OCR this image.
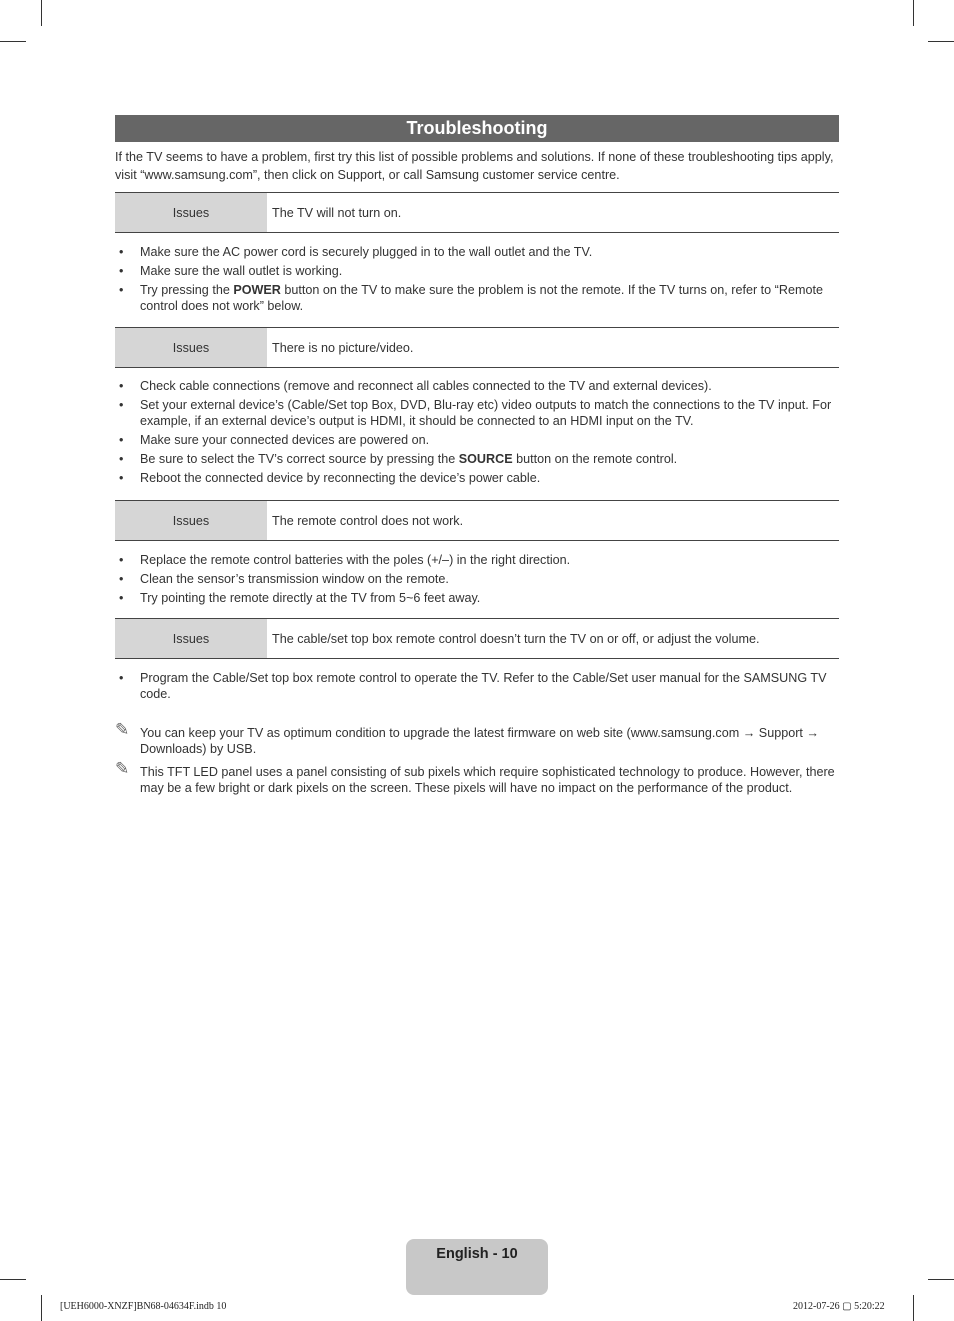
Troubleshooting
If the TV seems to have a problem, first try this list of possible problems and solutions. If none of these troubleshooting tips apply, visit “www.samsung.com”, then click on Support, or call Samsung customer service centre.
Issues	The TV will not turn on.
• Make sure the AC power cord is securely plugged in to the wall outlet and the TV.
• Make sure the wall outlet is working.
• Try pressing the POWER button on the TV to make sure the problem is not the remote. If the TV turns on, refer to “Remote control does not work” below.
Issues	There is no picture/video.
• Check cable connections (remove and reconnect all cables connected to the TV and external devices).
• Set your external device’s (Cable/Set top Box, DVD, Blu-ray etc) video outputs to match the connections to the TV input. For example, if an external device’s output is HDMI, it should be connected to an HDMI input on the TV.
• Make sure your connected devices are powered on.
• Be sure to select the TV’s correct source by pressing the SOURCE button on the remote control.
• Reboot the connected device by reconnecting the device’s power cable.
Issues	The remote control does not work.
• Replace the remote control batteries with the poles (+/–) in the right direction.
• Clean the sensor’s transmission window on the remote.
• Try pointing the remote directly at the TV from 5~6 feet away.
Issues	The cable/set top box remote control doesn’t turn the TV on or off, or adjust the volume.
• Program the Cable/Set top box remote control to operate the TV. Refer to the Cable/Set user manual for the SAMSUNG TV code.
✎ You can keep your TV as optimum condition to upgrade the latest firmware on web site (www.samsung.com → Support → Downloads) by USB.
✎ This TFT LED panel uses a panel consisting of sub pixels which require sophisticated technology to produce. However, there may be a few bright or dark pixels on the screen. These pixels will have no impact on the performance of the product.
English - 10
[UEH6000-XNZF]BN68-04634F.indb 10	2012-07-26 ▢ 5:20:22
